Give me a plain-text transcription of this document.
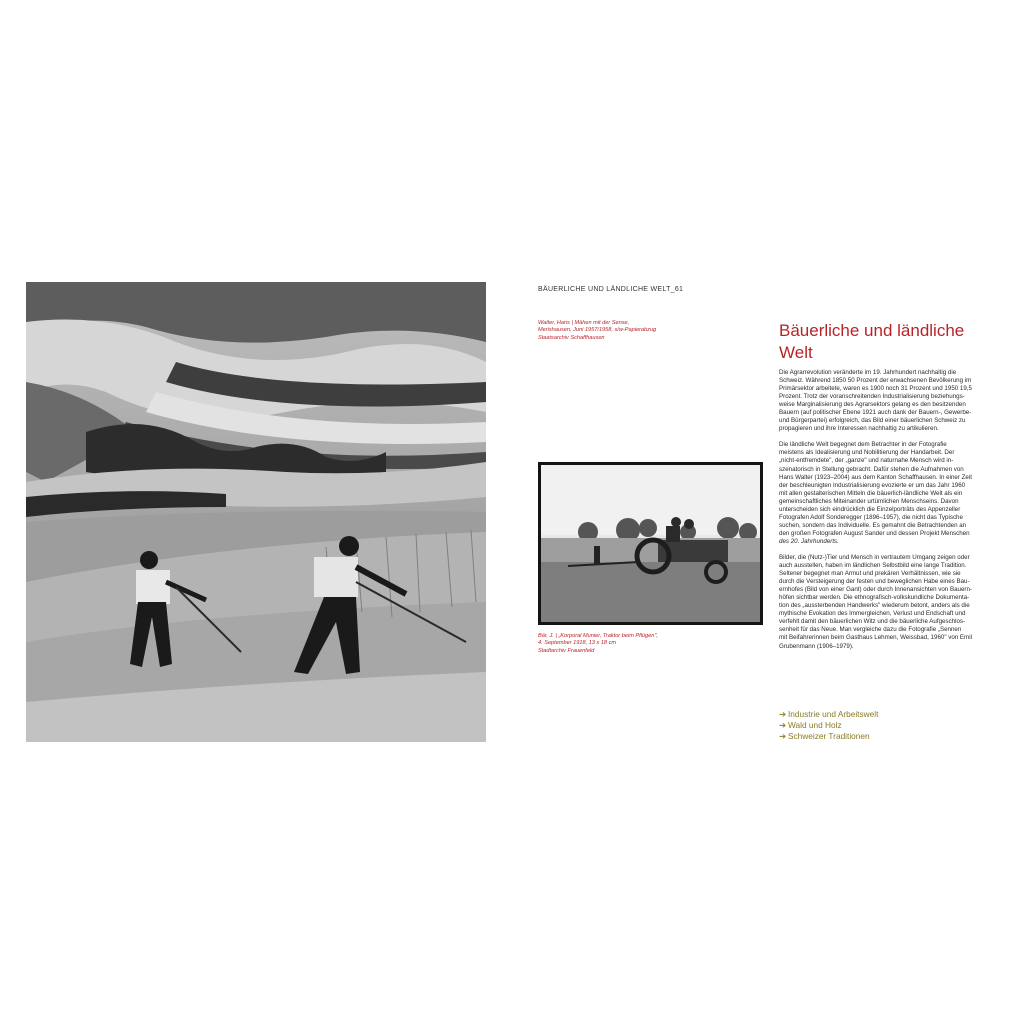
BÄUERLICHE UND LÄNDLICHE WELT_61
Walter, Hans | Mähen mit der Sense,
Merishausen, Juni 1957/1958, s/w-Papierabzug
Staatsarchiv Schaffhausen
Bär, J. | „Korporal Munier, Traktor beim Pflügen",
4. September 1918, 13 x 18 cm
Stadtarchiv Frauenfeld
Bäuerliche und ländliche
Welt
Die Agrarrevolution veränderte im 19. Jahrhundert nachhaltig die
Schweiz. Während 1850 50 Prozent der erwachsenen Bevölkerung im
Primärsektor arbeitete, waren es 1900 noch 31 Prozent und 1950 19,5
Prozent. Trotz der voranschreitenden Industrialisierung beziehungs-
weise Marginalisierung des Agrarsektors gelang es den besitzenden
Bauern (auf politischer Ebene 1921 auch dank der Bauern-, Gewerbe-
und Bürgerpartei) erfolgreich, das Bild einer bäuerlichen Schweiz zu
propagieren und ihre Interessen nachhaltig zu artikulieren.
Die ländliche Welt begegnet dem Betrachter in der Fotografie
meistens als Idealisierung und Nobilitierung der Handarbeit. Der
„nicht-entfremdete", der „ganze" und naturnahe Mensch wird in-
szenatorisch in Stellung gebracht. Dafür stehen die Aufnahmen von
Hans Walter (1923–2004) aus dem Kanton Schaffhausen. In einer Zeit
der beschleunigten Industrialisierung evozierte er um das Jahr 1960
mit allen gestalterischen Mitteln die bäuerlich-ländliche Welt als ein
gemeinschaftliches Miteinander urtümlichen Menschseins. Davon
unterscheiden sich eindrücklich die Einzelporträts des Appenzeller
Fotografen Adolf Sonderegger (1896–1957), die nicht das Typische
suchen, sondern das Individuelle. Es gemahnt die Betrachtenden an
den großen Fotografen August Sander und dessen Projekt Menschen
des 20. Jahrhunderts.
Bilder, die (Nutz-)Tier und Mensch in vertrautem Umgang zeigen oder
auch ausstellen, haben im ländlichen Selbstbild eine lange Tradition.
Seltener begegnet man Armut und prekären Verhältnissen, wie sie
durch die Versteigerung der festen und beweglichen Habe eines Bau-
ernhofes (Bild von einer Gant) oder durch Innenansichten von Bauern-
höfen sichtbar werden. Die ethnografisch-volkskundliche Dokumenta-
tion des „aussterbenden Handwerks" wiederum betont, anders als die
mythische Evokation des Immergleichen, Verlust und Endschaft und
verfehlt damit den bäuerlichen Witz und die bäuerliche Aufgeschlos-
senheit für das Neue. Man vergleiche dazu die Fotografie „Sennen
mit Beifahrerinnen beim Gasthaus Lehmen, Weissbad, 1960" von Emil
Grubenmann (1906–1979).
➔ Industrie und Arbeitswelt
➔ Wald und Holz
➔ Schweizer Traditionen
